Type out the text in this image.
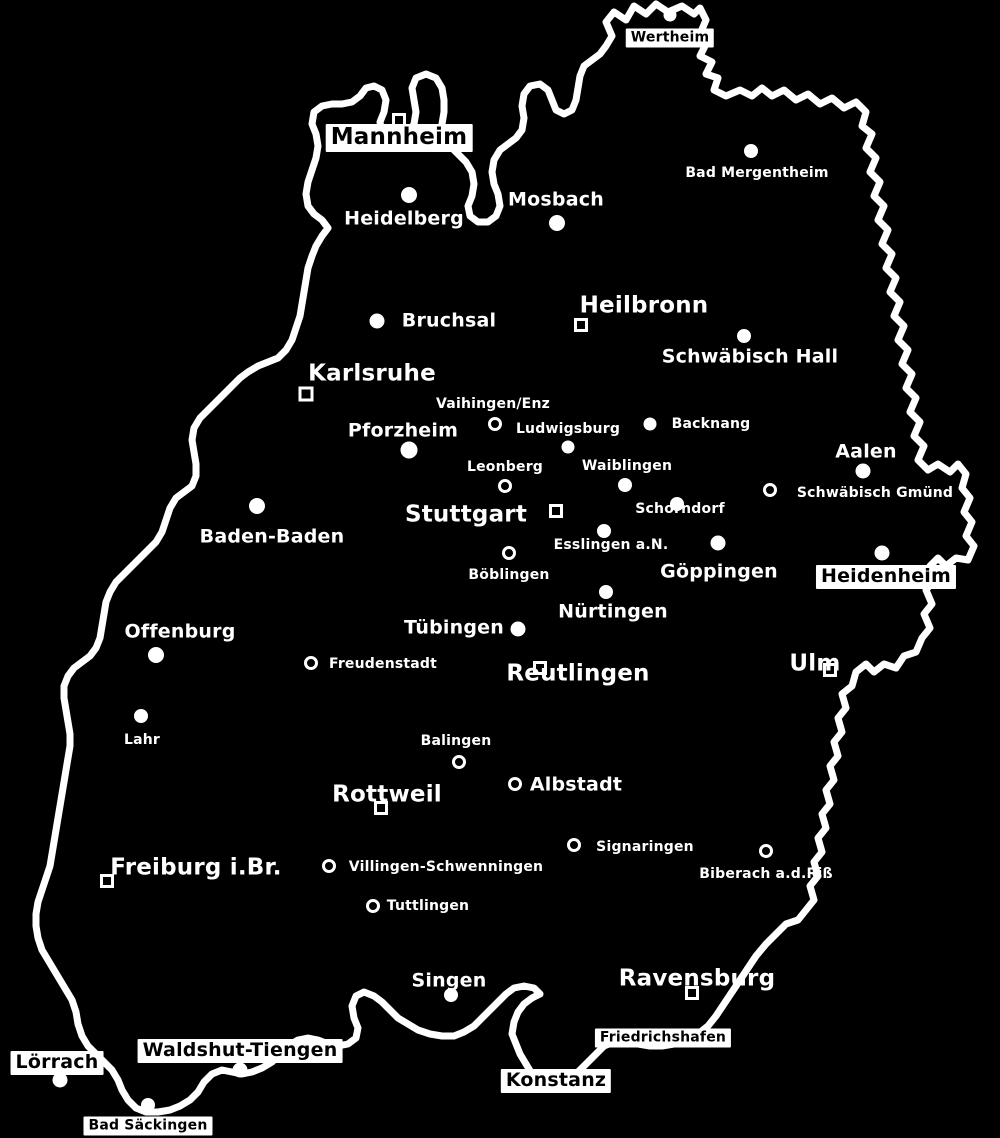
Wertheim
Mannheim
Bad Mergentheim
Heidelberg
Mosbach
Bruchsal
Heilbronn
Schwäbisch Hall
Karlsruhe
Vaihingen/Enz
Ludwigsburg	Backnang
Pforzheim
Aalen
Leonberg	Waiblingen
Schwäbisch Gmünd
Stuttgart	Schorndorf
Esslingen a.N.
Göppingen Heidenheim
Böblingen
Nürtingen
Baden-Baden
Offenburg	Tübingen
Reutlingen	Ulm
Freudenstadt
Lahr	Balingen
Albstadt
Rottweil
Signaringen
Villingen-Schwenningen	Biberach a.d.Riß
Freiburg i.Br.
Tuttlingen
Singen	Ravensburg
Friedrichshafen
Waldshut-Tiengen
Lörrach
Konstanz
Bad Säckingen
